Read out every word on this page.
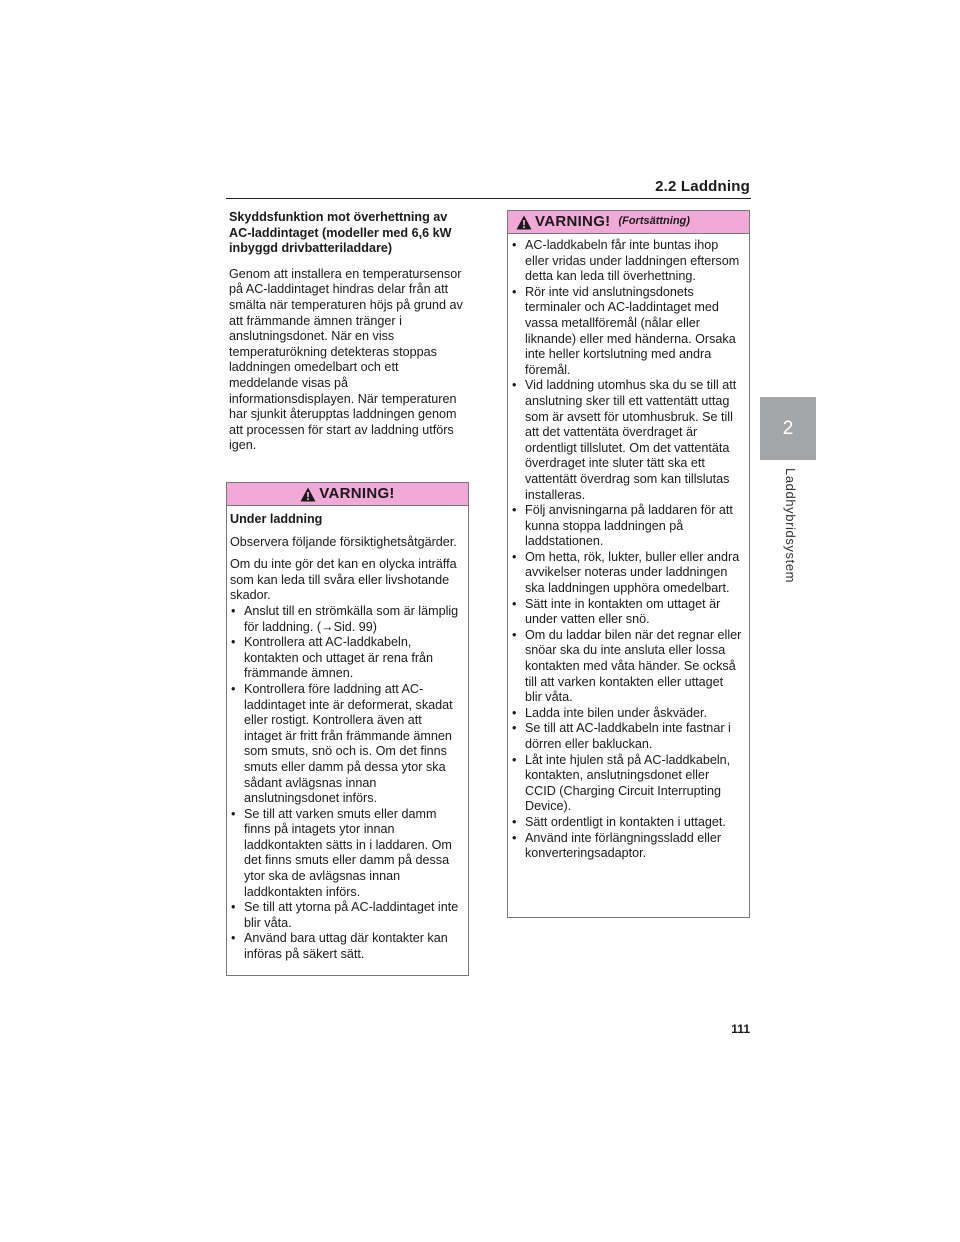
2.2 Laddning
2
Laddhybridsystem

Skyddsfunktion mot överhettning av AC-laddintaget (modeller med 6,6 kW inbyggd drivbatteriladdare)

Genom att installera en temperatursensor på AC-laddintaget hindras delar från att smälta när temperaturen höjs på grund av att främmande ämnen tränger i anslutningsdonet. När en viss temperaturökning detekteras stoppas laddningen omedelbart och ett meddelande visas på informationsdisplayen. När temperaturen har sjunkit återupptas laddningen genom att processen för start av laddning utförs igen.

VARNING!

Under laddning

Observera följande försiktighetsåtgärder.

Om du inte gör det kan en olycka inträffa som kan leda till svåra eller livshotande skador.

• Anslut till en strömkälla som är lämplig för laddning. (→Sid. 99)
• Kontrollera att AC-laddkabeln, kontakten och uttaget är rena från främmande ämnen.
• Kontrollera före laddning att AC-laddintaget inte är deformerat, skadat eller rostigt. Kontrollera även att intaget är fritt från främmande ämnen som smuts, snö och is. Om det finns smuts eller damm på dessa ytor ska sådant avlägsnas innan anslutningsdonet införs.
• Se till att varken smuts eller damm finns på intagets ytor innan laddkontakten sätts in i laddaren. Om det finns smuts eller damm på dessa ytor ska de avlägsnas innan laddkontakten införs.
• Se till att ytorna på AC-laddintaget inte blir våta.
• Använd bara uttag där kontakter kan införas på säkert sätt.
VARNING! (Fortsättning)
• AC-laddkabeln får inte buntas ihop eller vridas under laddningen eftersom detta kan leda till överhettning.
• Rör inte vid anslutningsdonets terminaler och AC-laddintaget med vassa metallföremål (nålar eller liknande) eller med händerna. Orsaka inte heller kortslutning med andra föremål.
• Vid laddning utomhus ska du se till att anslutning sker till ett vattentätt uttag som är avsett för utomhusbruk. Se till att det vattentäta överdraget är ordentligt tillslutet. Om det vattentäta överdraget inte sluter tätt ska ett vattentätt överdrag som kan tillslutas installeras.
• Följ anvisningarna på laddaren för att kunna stoppa laddningen på laddstationen.
• Om hetta, rök, lukter, buller eller andra avvikelser noteras under laddningen ska laddningen upphöra omedelbart.
• Sätt inte in kontakten om uttaget är under vatten eller snö.
• Om du laddar bilen när det regnar eller snöar ska du inte ansluta eller lossa kontakten med våta händer. Se också till att varken kontakten eller uttaget blir våta.
• Ladda inte bilen under åskväder.
• Se till att AC-laddkabeln inte fastnar i dörren eller bakluckan.
• Låt inte hjulen stå på AC-laddkabeln, kontakten, anslutningsdonet eller CCID (Charging Circuit Interrupting Device).
• Sätt ordentligt in kontakten i uttaget.
• Använd inte förlängningssladd eller konverteringsadaptor.
111
